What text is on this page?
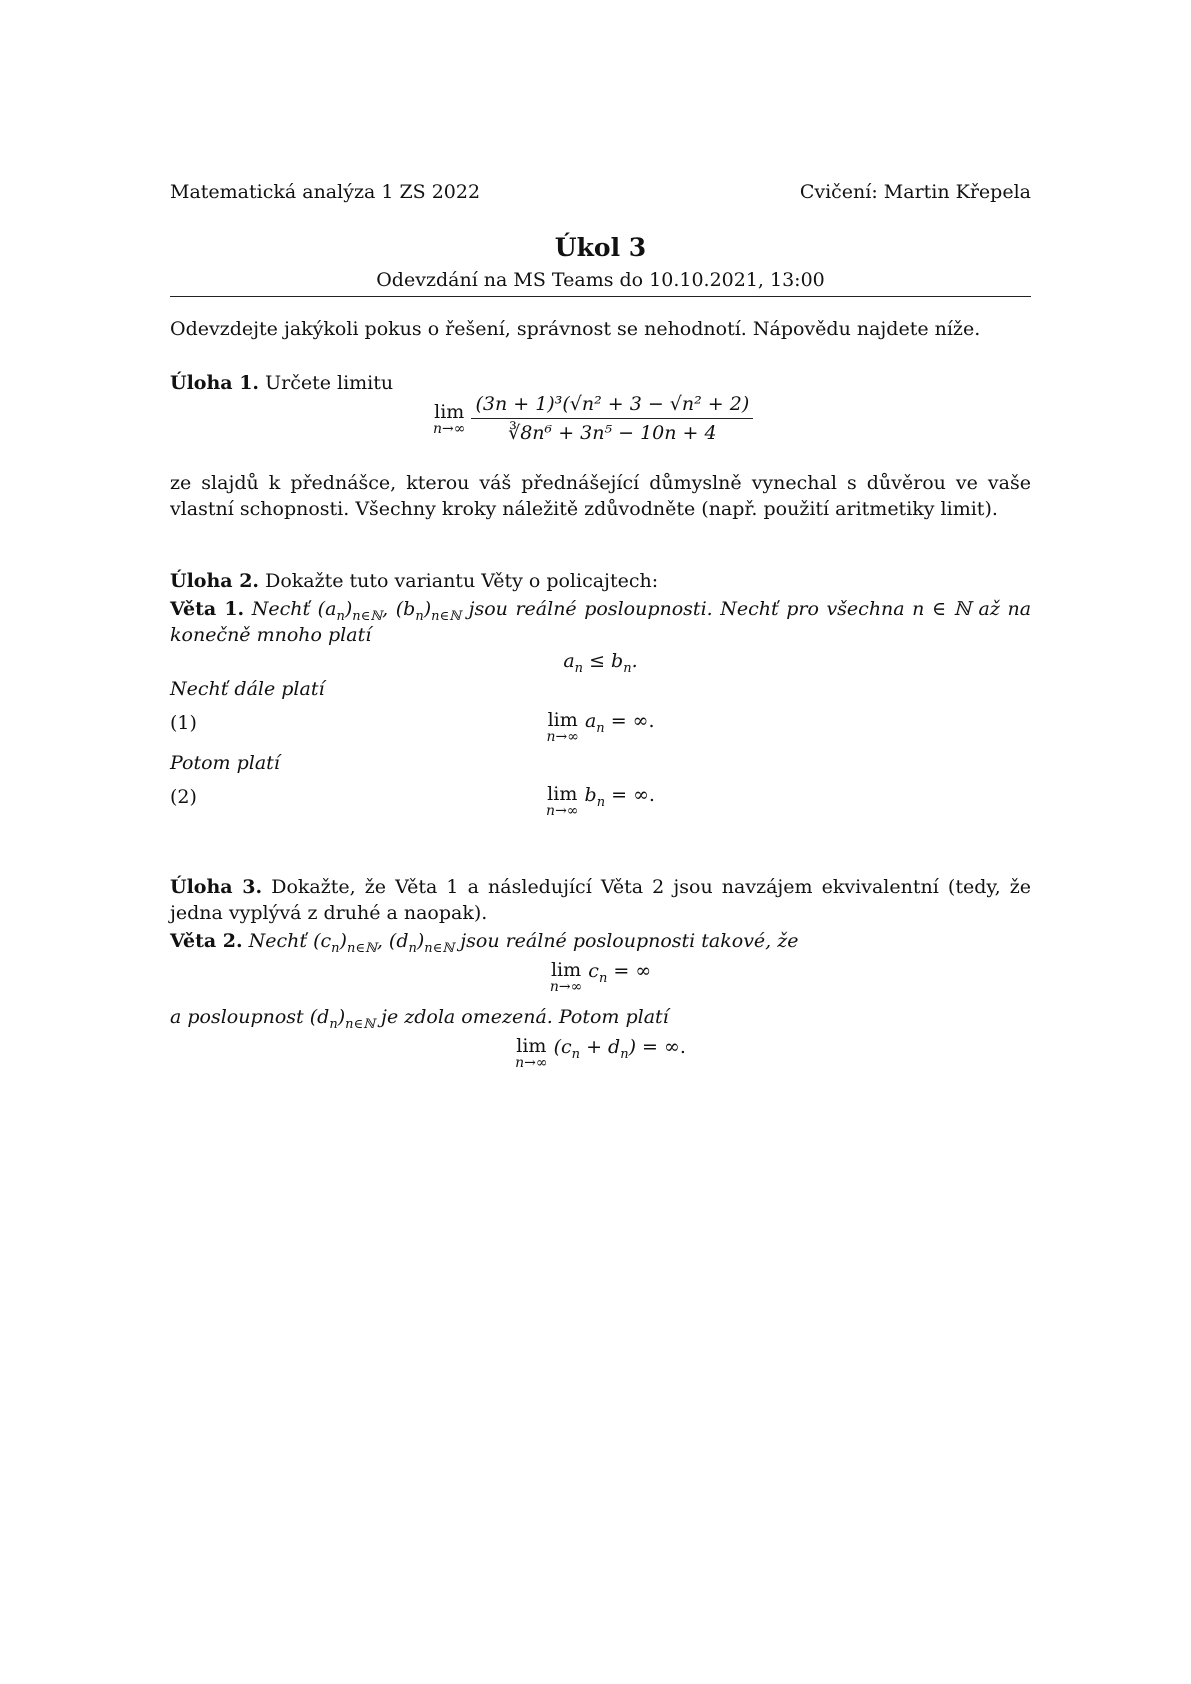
Matematická analýza 1 ZS 2022	Cvičení: Martin Křepela
Úkol 3
Odevzdání na MS Teams do 10.10.2021, 13:00
Odevzdejte jakýkoli pokus o řešení, správnost se nehodnotí. Nápovědu najdete níže.
Úloha 1. Určete limitu
lim
n→∞
$\frac{\text{(3n + 1)³(√n² + 3 − √n² + 2)}}{\text{∛8n⁶ + 3n⁵ − 10n + 4}}$
ze slajdů k přednášce, kterou váš přednášející důmyslně vynechal s důvěrou ve vaše vlastní schopnosti. Všechny kroky náležitě zdůvodněte (např. použití aritmetiky limit).
Úloha 2. Dokažte tuto variantu Věty o policajtech:
Věta 1. Nechť $(a_n)_{n\in ℕ}$, $(b_n)_{n\in ℕ}$ jsou reálné posloupnosti. Nechť pro všechna n ∈ ℕ až na konečně mnoho platí
$a_n \le b_n$.
Nechť dále platí
(1)	lim
n→∞
$a_n$ = ∞.
Potom platí
(2)	lim
n→∞
$b_n$ = ∞.
Úloha 3. Dokažte, že Věta 1 a následující Věta 2 jsou navzájem ekvivalentní (tedy, že jedna vyplývá z druhé a naopak).
Věta 2. Nechť $(c_n)_{n\in ℕ}$, $(d_n)_{n\in ℕ}$ jsou reálné posloupnosti takové, že
lim
n→∞
$c_n$ = ∞
a posloupnost $(d_n)_{n\in ℕ}$ je zdola omezená. Potom platí
lim
n→∞
$(c_n + d_n)$ = ∞.
